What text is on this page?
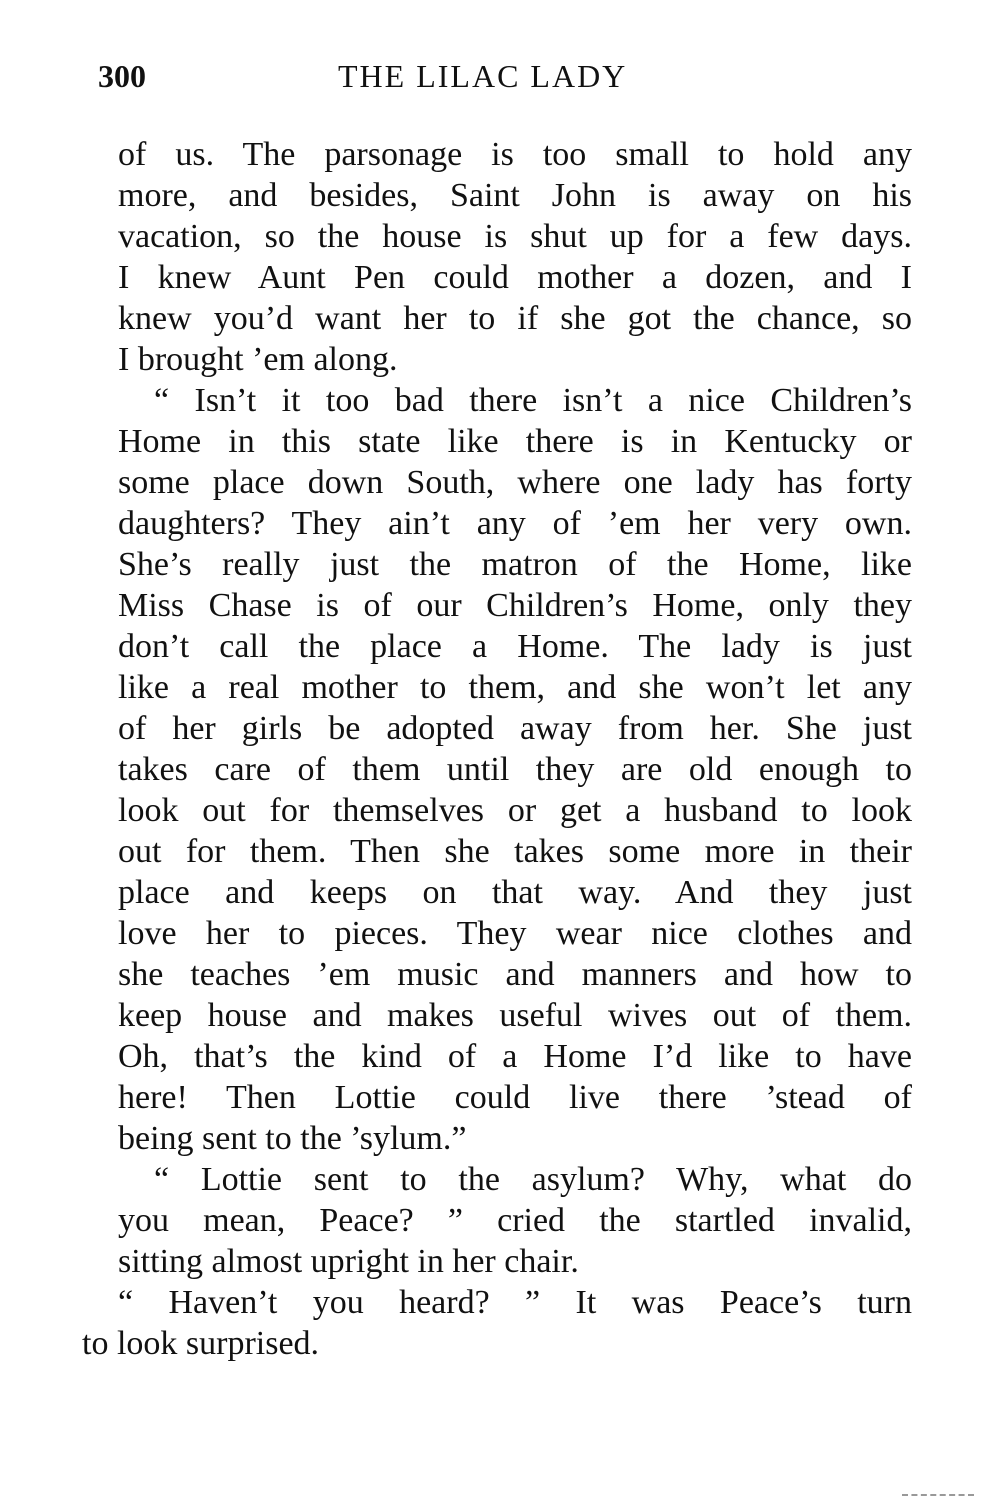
300	THE LILAC LADY
of us. The parsonage is too small to hold any
more, and besides, Saint John is away on his
vacation, so the house is shut up for a few days.
I knew Aunt Pen could mother a dozen, and I
knew you’d want her to if she got the chance, so
I brought ’em along.
“ Isn’t it too bad there isn’t a nice Children’s
Home in this state like there is in Kentucky or
some place down South, where one lady has forty
daughters? They ain’t any of ’em her very own.
She’s really just the matron of the Home, like
Miss Chase is of our Children’s Home, only they
don’t call the place a Home. The lady is just
like a real mother to them, and she won’t let any
of her girls be adopted away from her. She just
takes care of them until they are old enough to
look out for themselves or get a husband to look
out for them. Then she takes some more in their
place and keeps on that way. And they just
love her to pieces. They wear nice clothes and
she teaches ’em music and manners and how to
keep house and makes useful wives out of them.
Oh, that’s the kind of a Home I’d like to have
here! Then Lottie could live there ’stead of
being sent to the ’sylum.”
“ Lottie sent to the asylum? Why, what do
you mean, Peace? ” cried the startled invalid,
sitting almost upright in her chair.
“ Haven’t you heard? ” It was Peace’s turn
to look surprised.
